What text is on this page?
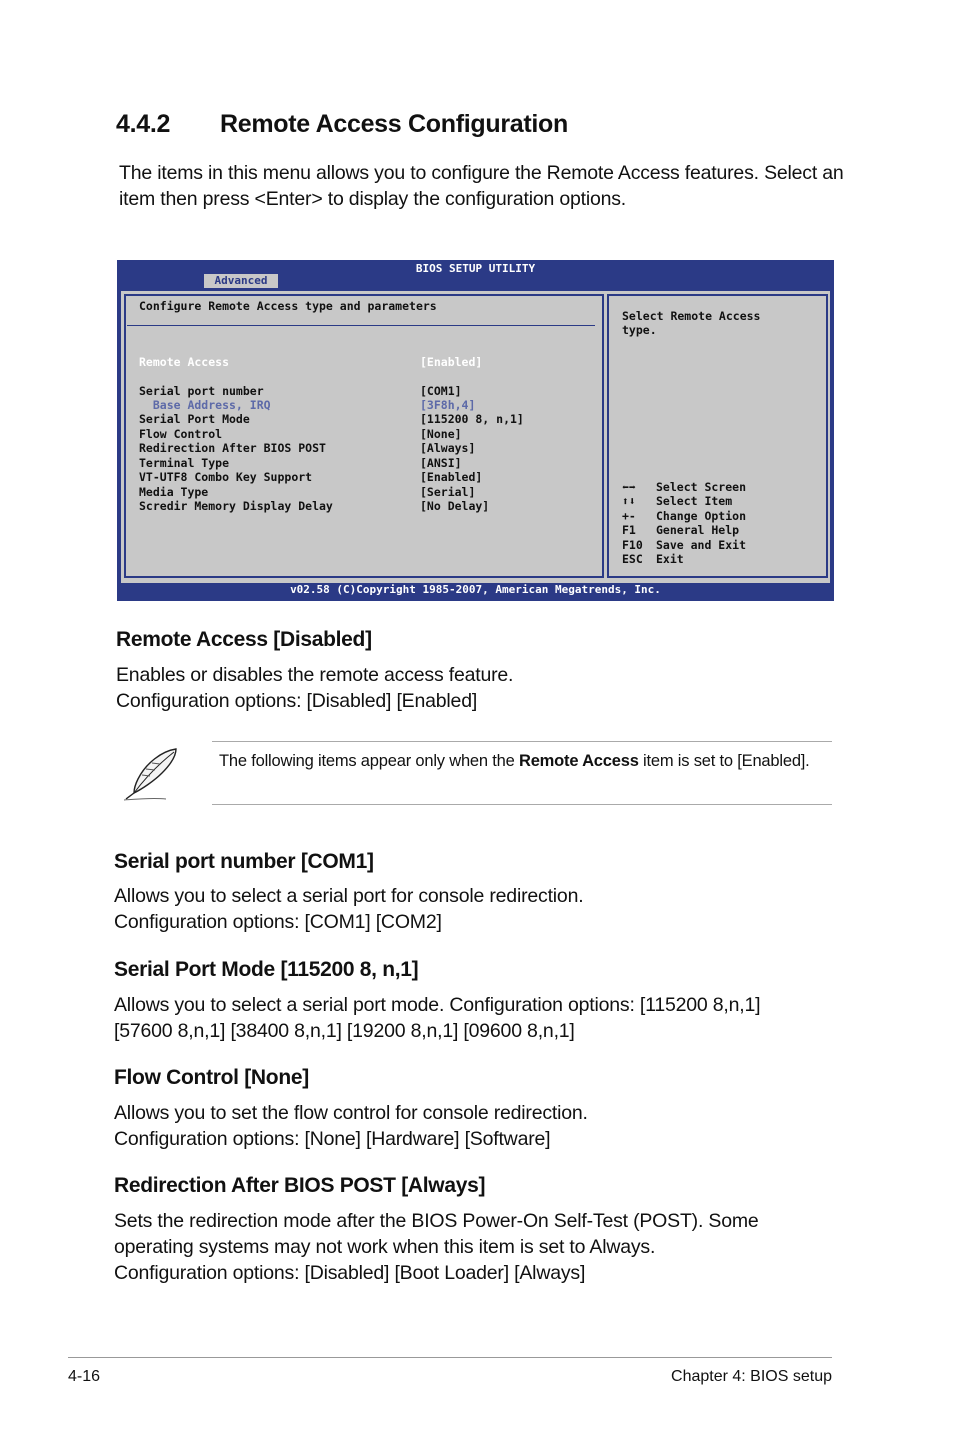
4.4.2 Remote Access Configuration
The items in this menu allows you to configure the Remote Access features. Select an item then press <Enter> to display the configuration options.
BIOS SETUP UTILITY
Advanced
Configure Remote Access type and parameters
Remote Access	[Enabled]
Serial port number	[COM1]
Base Address, IRQ	[3F8h,4]
Serial Port Mode	[115200 8, n,1]
Flow Control	[None]
Redirection After BIOS POST	[Always]
Terminal Type	[ANSI]
VT-UTF8 Combo Key Support	[Enabled]
Media Type	[Serial]
Scredir Memory Display Delay	[No Delay]
Select Remote Access
type.
⬅➡	Select Screen
⬆⬇	Select Item
+-	Change Option
F1	General Help
F10	Save and Exit
ESC	Exit
v02.58 (C)Copyright 1985-2007, American Megatrends, Inc.
Remote Access [Disabled]
Enables or disables the remote access feature.
Configuration options: [Disabled] [Enabled]
The following items appear only when the Remote Access item is set to [Enabled].
Serial port number [COM1]
Allows you to select a serial port for console redirection.
Configuration options: [COM1] [COM2]
Serial Port Mode [115200 8, n,1]
Allows you to select a serial port mode. Configuration options: [115200 8,n,1]
[57600 8,n,1] [38400 8,n,1] [19200 8,n,1] [09600 8,n,1]
Flow Control [None]
Allows you to set the flow control for console redirection.
Configuration options: [None] [Hardware] [Software]
Redirection After BIOS POST [Always]
Sets the redirection mode after the BIOS Power-On Self-Test (POST). Some
operating systems may not work when this item is set to Always.
Configuration options: [Disabled] [Boot Loader] [Always]
4-16	Chapter 4: BIOS setup
